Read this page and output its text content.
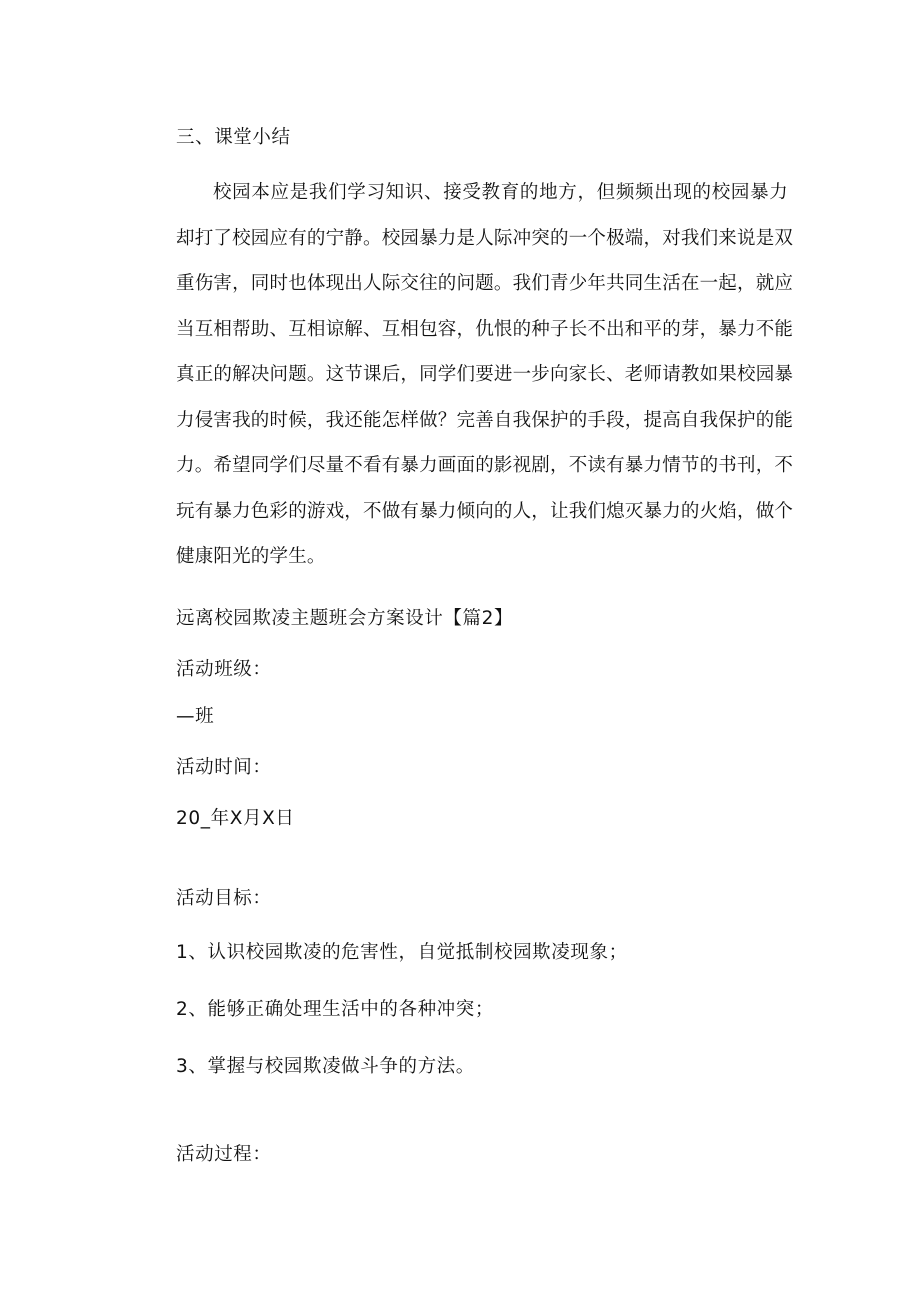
三、课堂小结
校园本应是我们学习知识、接受教育的地方，但频频出现的校园暴力
却打了校园应有的宁静。校园暴力是人际冲突的一个极端，对我们来说是双
重伤害，同时也体现出人际交往的问题。我们青少年共同生活在一起，就应
当互相帮助、互相谅解、互相包容，仇恨的种子长不出和平的芽，暴力不能
真正的解决问题。这节课后，同学们要进一步向家长、老师请教如果校园暴
力侵害我的时候，我还能怎样做？完善自我保护的手段，提高自我保护的能
力。希望同学们尽量不看有暴力画面的影视剧，不读有暴力情节的书刊，不
玩有暴力色彩的游戏，不做有暴力倾向的人，让我们熄灭暴力的火焰，做个
健康阳光的学生。
远离校园欺凌主题班会方案设计【篇2】
活动班级：
—班
活动时间：
20_年X月X日
活动目标：
1、认识校园欺凌的危害性，自觉抵制校园欺凌现象；
2、能够正确处理生活中的各种冲突；
3、掌握与校园欺凌做斗争的方法。
活动过程：
